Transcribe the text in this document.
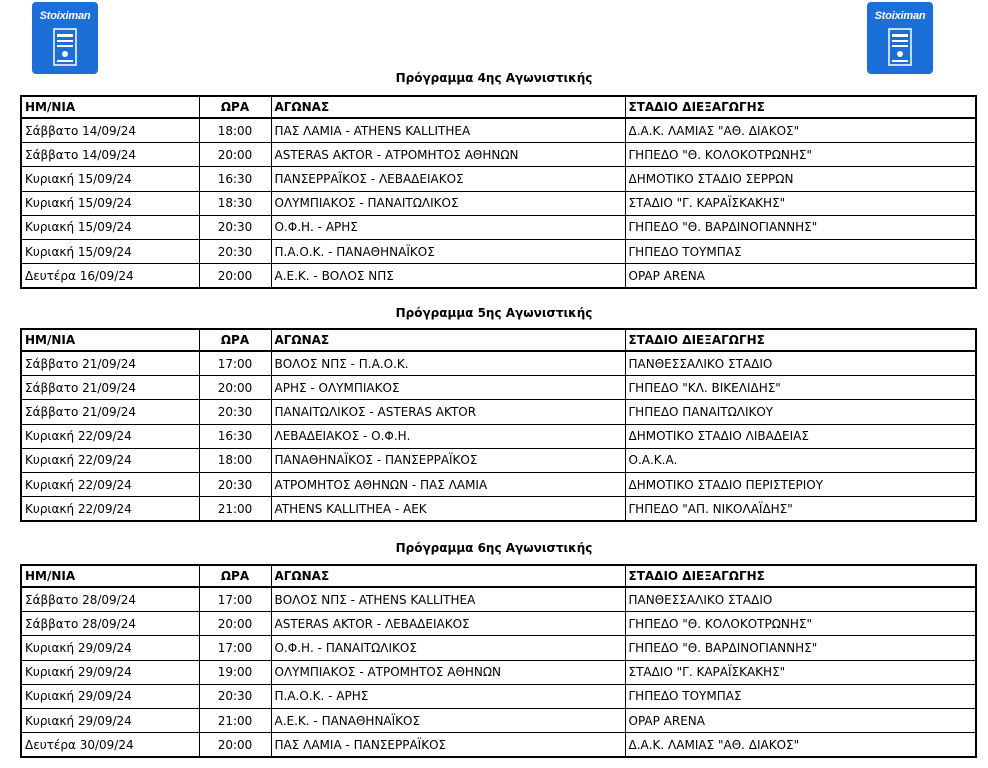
Stoiximan	Stoiximan
Πρόγραμμα 4ης Αγωνιστικής
ΗΜ/ΝΙΑ	ΩΡΑ	ΑΓΩΝΑΣ	ΣΤΑΔΙΟ ΔΙΕΞΑΓΩΓΗΣ
Σάββατο 14/09/24	18:00	ΠΑΣ ΛΑΜΙΑ - ATHENS KALLITHEA	Δ.Α.Κ. ΛΑΜΙΑΣ "ΑΘ. ΔΙΑΚΟΣ"
Σάββατο 14/09/24	20:00	ASTERAS AKTOR - ΑΤΡΟΜΗΤΟΣ ΑΘΗΝΩΝ	ΓΗΠΕΔΟ "Θ. ΚΟΛΟΚΟΤΡΩΝΗΣ"
Κυριακή 15/09/24	16:30	ΠΑΝΣΕΡΡΑΪΚΟΣ - ΛΕΒΑΔΕΙΑΚΟΣ	ΔΗΜΟΤΙΚΟ ΣΤΑΔΙΟ ΣΕΡΡΩΝ
Κυριακή 15/09/24	18:30	ΟΛΥΜΠΙΑΚΟΣ - ΠΑΝΑΙΤΩΛΙΚΟΣ	ΣΤΑΔΙΟ "Γ. ΚΑΡΑΪΣΚΑΚΗΣ"
Κυριακή 15/09/24	20:30	Ο.Φ.Η. - ΑΡΗΣ	ΓΗΠΕΔΟ "Θ. ΒΑΡΔΙΝΟΓΙΑΝΝΗΣ"
Κυριακή 15/09/24	20:30	Π.Α.Ο.Κ. - ΠΑΝΑΘΗΝΑΪΚΟΣ	ΓΗΠΕΔΟ ΤΟΥΜΠΑΣ
Δευτέρα 16/09/24	20:00	Α.Ε.Κ. - ΒΟΛΟΣ ΝΠΣ	OPAP ARENA
Πρόγραμμα 5ης Αγωνιστικής
ΗΜ/ΝΙΑ	ΩΡΑ	ΑΓΩΝΑΣ	ΣΤΑΔΙΟ ΔΙΕΞΑΓΩΓΗΣ
Σάββατο 21/09/24	17:00	ΒΟΛΟΣ ΝΠΣ - Π.Α.Ο.Κ.	ΠΑΝΘΕΣΣΑΛΙΚΟ ΣΤΑΔΙΟ
Σάββατο 21/09/24	20:00	ΑΡΗΣ - ΟΛΥΜΠΙΑΚΟΣ	ΓΗΠΕΔΟ "ΚΛ. ΒΙΚΕΛΙΔΗΣ"
Σάββατο 21/09/24	20:30	ΠΑΝΑΙΤΩΛΙΚΟΣ - ASTERAS AKTOR	ΓΗΠΕΔΟ ΠΑΝΑΙΤΩΛΙΚΟΥ
Κυριακή 22/09/24	16:30	ΛΕΒΑΔΕΙΑΚΟΣ - Ο.Φ.Η.	ΔΗΜΟΤΙΚΟ ΣΤΑΔΙΟ ΛΙΒΑΔΕΙΑΣ
Κυριακή 22/09/24	18:00	ΠΑΝΑΘΗΝΑΪΚΟΣ - ΠΑΝΣΕΡΡΑΪΚΟΣ	Ο.Α.Κ.Α.
Κυριακή 22/09/24	20:30	ΑΤΡΟΜΗΤΟΣ ΑΘΗΝΩΝ - ΠΑΣ ΛΑΜΙΑ	ΔΗΜΟΤΙΚΟ ΣΤΑΔΙΟ ΠΕΡΙΣΤΕΡΙΟΥ
Κυριακή 22/09/24	21:00	ATHENS KALLITHEA - ΑΕΚ	ΓΗΠΕΔΟ "ΑΠ. ΝΙΚΟΛΑΪΔΗΣ"
Πρόγραμμα 6ης Αγωνιστικής
ΗΜ/ΝΙΑ	ΩΡΑ	ΑΓΩΝΑΣ	ΣΤΑΔΙΟ ΔΙΕΞΑΓΩΓΗΣ
Σάββατο 28/09/24	17:00	ΒΟΛΟΣ ΝΠΣ - ATHENS KALLITHEA	ΠΑΝΘΕΣΣΑΛΙΚΟ ΣΤΑΔΙΟ
Σάββατο 28/09/24	20:00	ASTERAS AKTOR - ΛΕΒΑΔΕΙΑΚΟΣ	ΓΗΠΕΔΟ "Θ. ΚΟΛΟΚΟΤΡΩΝΗΣ"
Κυριακή 29/09/24	17:00	Ο.Φ.Η. - ΠΑΝΑΙΤΩΛΙΚΟΣ	ΓΗΠΕΔΟ "Θ. ΒΑΡΔΙΝΟΓΙΑΝΝΗΣ"
Κυριακή 29/09/24	19:00	ΟΛΥΜΠΙΑΚΟΣ - ΑΤΡΟΜΗΤΟΣ ΑΘΗΝΩΝ	ΣΤΑΔΙΟ "Γ. ΚΑΡΑΪΣΚΑΚΗΣ"
Κυριακή 29/09/24	20:30	Π.Α.Ο.Κ. - ΑΡΗΣ	ΓΗΠΕΔΟ ΤΟΥΜΠΑΣ
Κυριακή 29/09/24	21:00	Α.Ε.Κ. - ΠΑΝΑΘΗΝΑΪΚΟΣ	OPAP ARENA
Δευτέρα 30/09/24	20:00	ΠΑΣ ΛΑΜΙΑ - ΠΑΝΣΕΡΡΑΪΚΟΣ	Δ.Α.Κ. ΛΑΜΙΑΣ "ΑΘ. ΔΙΑΚΟΣ"
